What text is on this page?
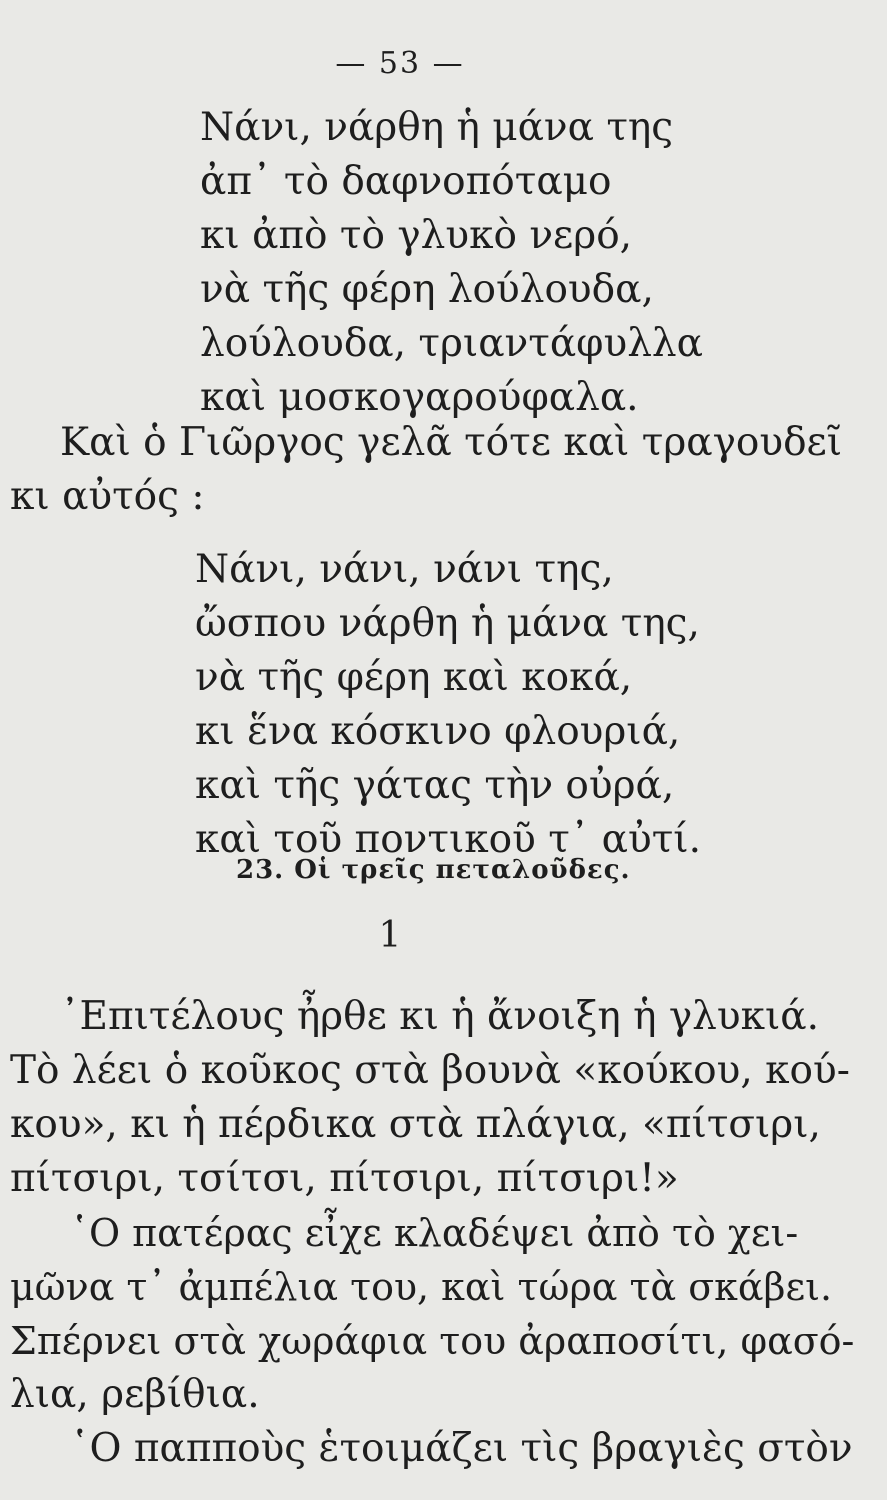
— 53 —
Νάνι, νάρθη ἡ μάνα της
ἀπ᾽ τὸ δαφνοπόταμο
κι ἀπὸ τὸ γλυκὸ νερό,
νὰ τῆς φέρη λούλουδα,
λούλουδα, τριαντάφυλλα
καὶ μοσκογαρούφαλα.
Καὶ ὁ Γιῶργος γελᾶ τότε καὶ τραγουδεῖ
κι αὐτός :
Νάνι, νάνι, νάνι της,
ὤσπου νάρθη ἡ μάνα της,
νὰ τῆς φέρη καὶ κοκά,
κι ἕνα κόσκινο φλουριά,
καὶ τῆς γάτας τὴν οὐρά,
καὶ τοῦ ποντικοῦ τ᾽ αὐτί.
23. Οἱ τρεῖς πεταλοῦδες.
1
᾽Επιτέλους ἦρθε κι ἡ ἄνοιξη ἡ γλυκιά.
Τὸ λέει ὁ κοῦκος στὰ βουνὰ «κούκου, κού-
κου», κι ἡ πέρδικα στὰ πλάγια, «πίτσιρι,
πίτσιρι, τσίτσι, πίτσιρι, πίτσιρι!»
῾Ο πατέρας εἶχε κλαδέψει ἀπὸ τὸ χει-
μῶνα τ᾽ ἀμπέλια του, καὶ τώρα τὰ σκάβει.
Σπέρνει στὰ χωράφια του ἀραποσίτι, φασό-
λια, ρεβίθια.
῾Ο παπποὺς ἑτοιμάζει τὶς βραγιὲς στὸν
